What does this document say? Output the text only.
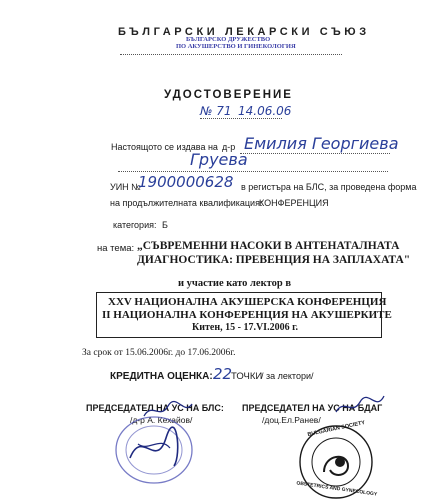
БЪЛГАРСКИ ЛЕКАРСКИ СЪЮЗ
БЪЛГАРСКО ДРУЖЕСТВО
ПО АКУШЕРСТВО И ГИНЕКОЛОГИЯ
УДОСТОВЕРЕНИЕ
№ 71 14.06.06
Настоящото се издава на д-р Емилия Георгиева
Груева
УИН №
1900000628 в регистъра на БЛС, за проведена форма
на продължителната квалификация:
КОНФЕРЕНЦИЯ
категория: Б
на тема: „СЪВРЕМЕННИ НАСОКИ В АНТЕНАТАЛНАТА
ДИАГНОСТИКА: ПРЕВЕНЦИЯ НА ЗАПЛАХАТА"
и участие като лектор в
XXV НАЦИОНАЛНА АКУШЕРСКА КОНФЕРЕНЦИЯ
II НАЦИОНАЛНА КОНФЕРЕНЦИЯ НА АКУШЕРКИТЕ
Китен, 15 - 17.VI.2006 г.
За срок от 15.06.2006г. до 17.06.2006г.
КРЕДИТНА ОЦЕНКА: 22
ТОЧКИ
/ за лектори/
ПРЕДСЕДАТЕЛ НА УС НА БЛС:
/д-р А. Кехайов/
ПРЕДСЕДАТЕЛ НА УС НА БДАГ
/доц.Ел.Ранев/
BULGARIAN SOCIETY
OBSTETRICS AND GYNECOLOGY
